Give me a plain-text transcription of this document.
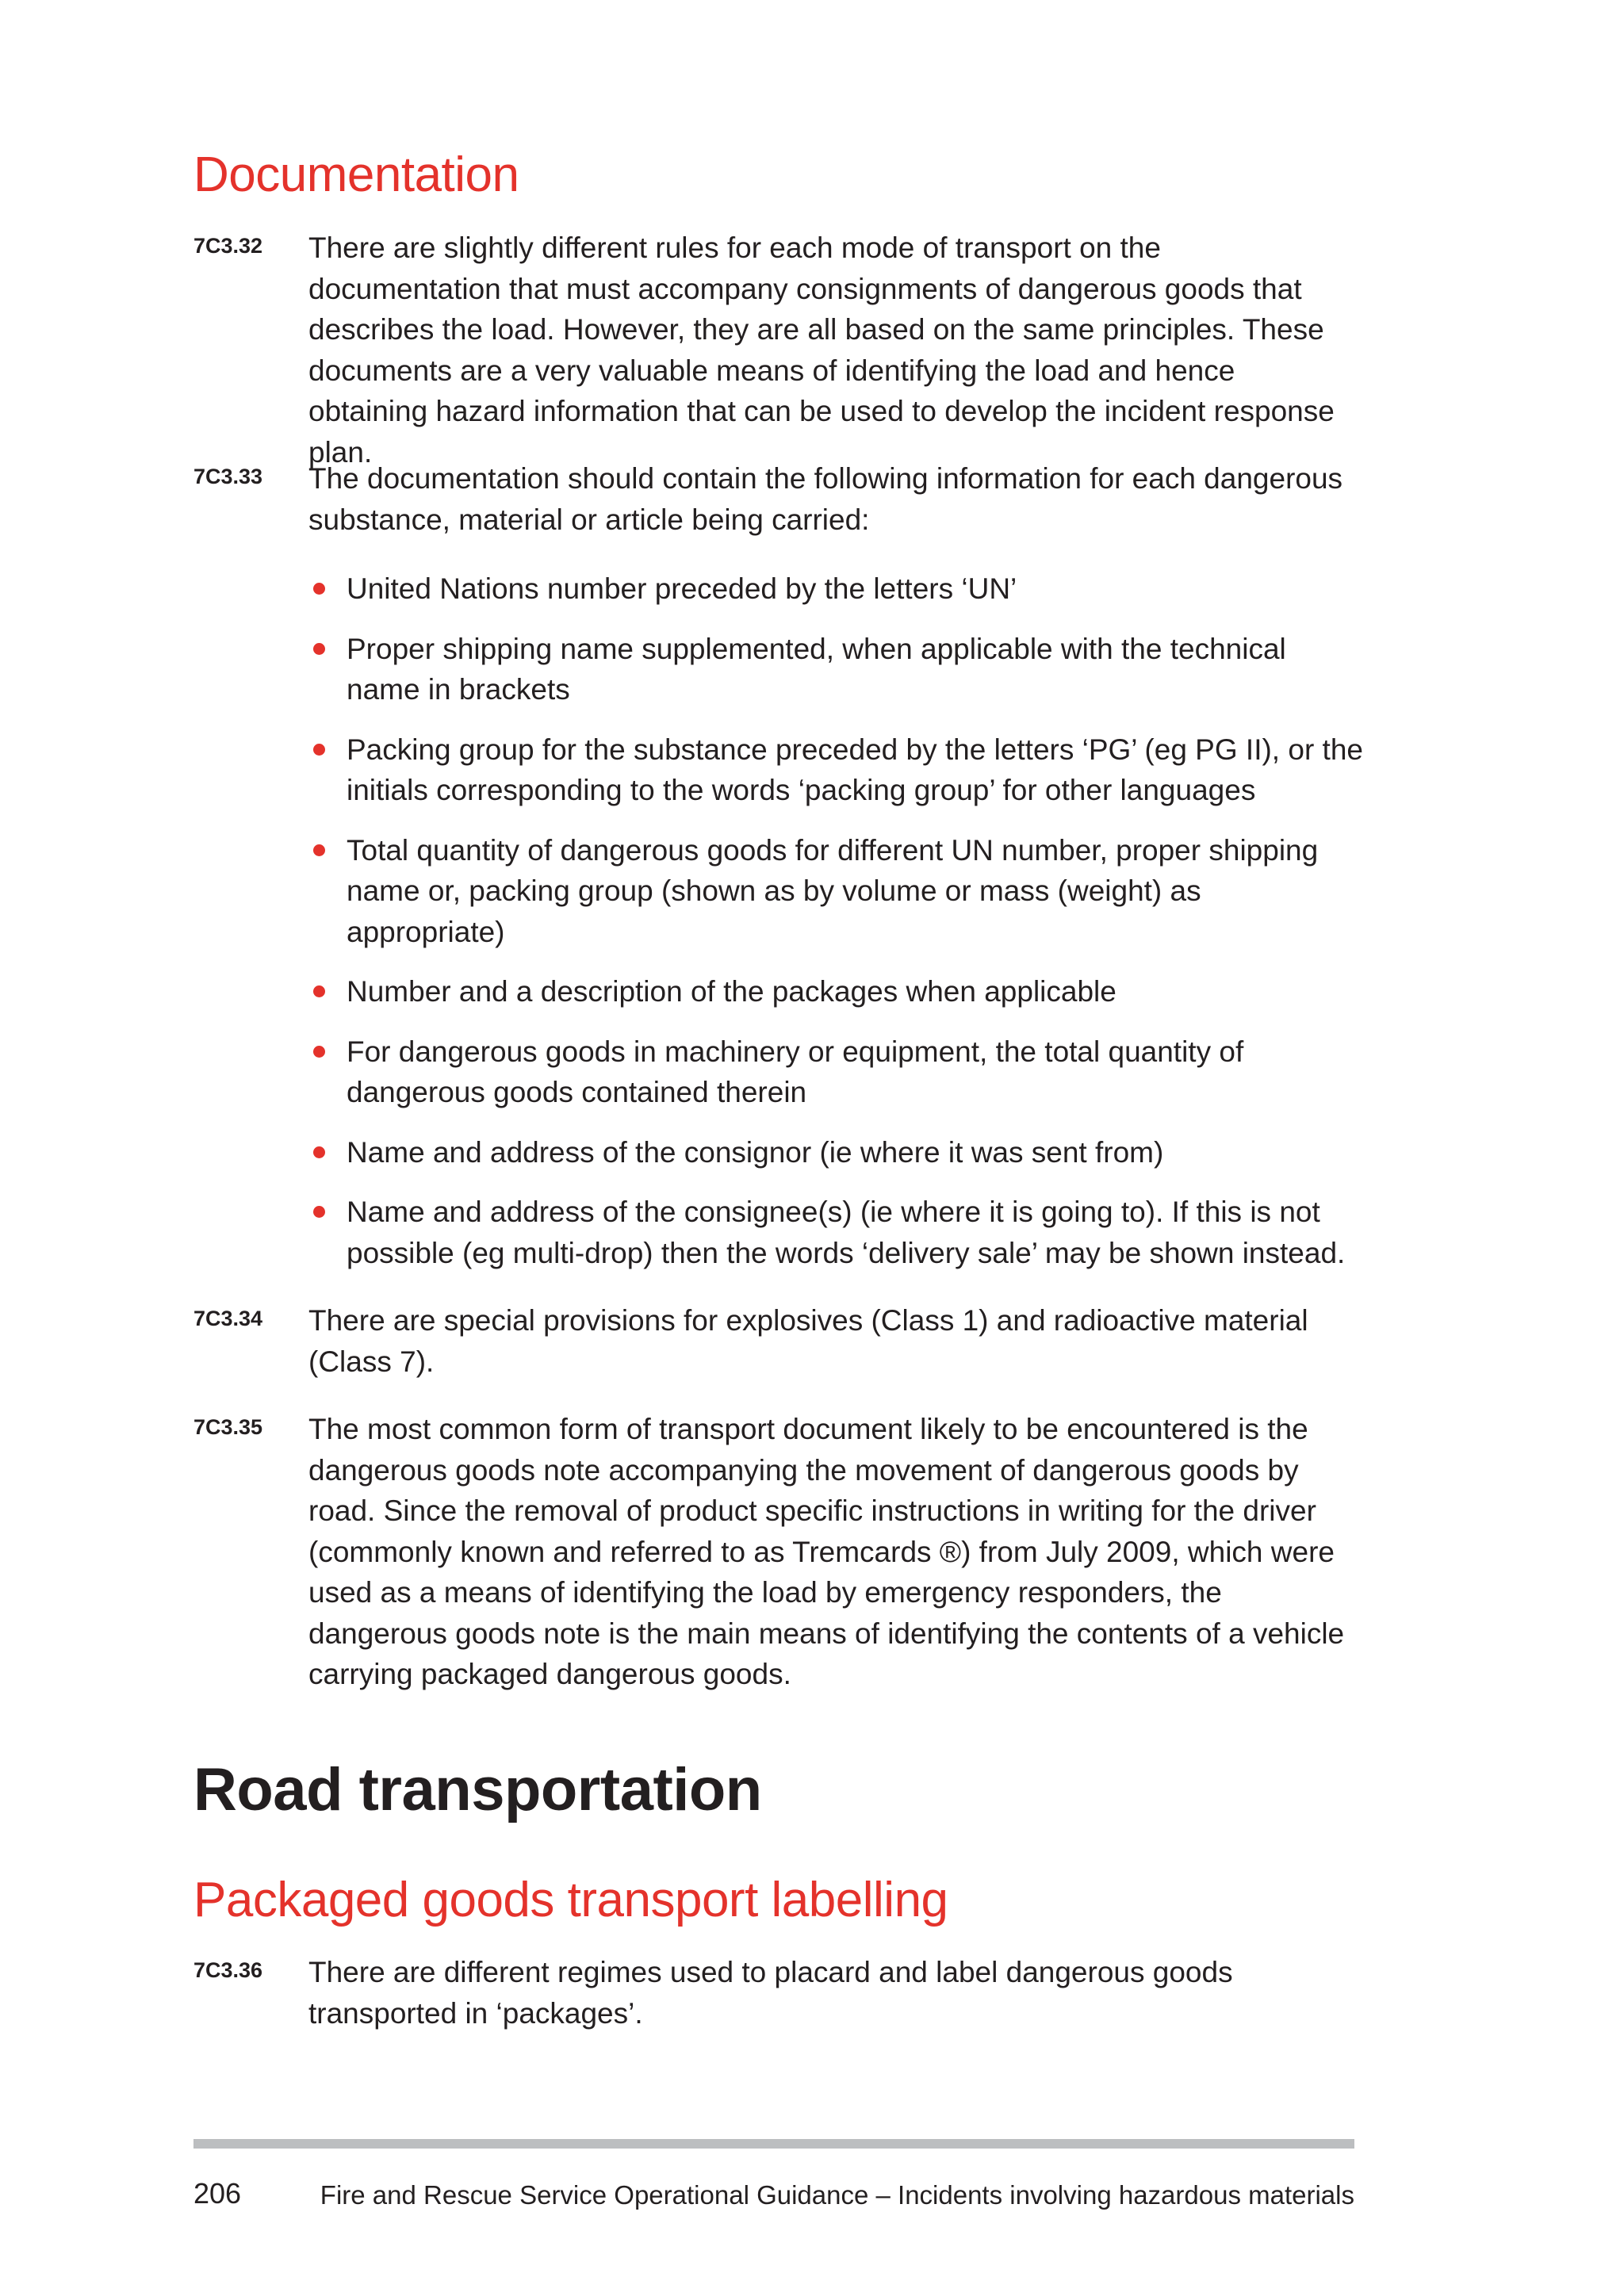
Documentation
7C3.32 There are slightly different rules for each mode of transport on the documentation that must accompany consignments of dangerous goods that describes the load. However, they are all based on the same principles. These documents are a very valuable means of identifying the load and hence obtaining hazard information that can be used to develop the incident response plan.
7C3.33 The documentation should contain the following information for each dangerous substance, material or article being carried:
United Nations number preceded by the letters ‘UN’
Proper shipping name supplemented, when applicable with the technical name in brackets
Packing group for the substance preceded by the letters ‘PG’ (eg PG II), or the initials corresponding to the words ‘packing group’ for other languages
Total quantity of dangerous goods for different UN number, proper shipping name or, packing group (shown as by volume or mass (weight) as appropriate)
Number and a description of the packages when applicable
For dangerous goods in machinery or equipment, the total quantity of dangerous goods contained therein
Name and address of the consignor (ie where it was sent from)
Name and address of the consignee(s) (ie where it is going to). If this is not possible (eg multi-drop) then the words ‘delivery sale’ may be shown instead.
7C3.34 There are special provisions for explosives (Class 1) and radioactive material (Class 7).
7C3.35 The most common form of transport document likely to be encountered is the dangerous goods note accompanying the movement of dangerous goods by road. Since the removal of product specific instructions in writing for the driver (commonly known and referred to as Tremcards ®) from July 2009, which were used as a means of identifying the load by emergency responders, the dangerous goods note is the main means of identifying the contents of a vehicle carrying packaged dangerous goods.
Road transportation
Packaged goods transport labelling
7C3.36 There are different regimes used to placard and label dangerous goods transported in ‘packages’.
206	Fire and Rescue Service Operational Guidance – Incidents involving hazardous materials
